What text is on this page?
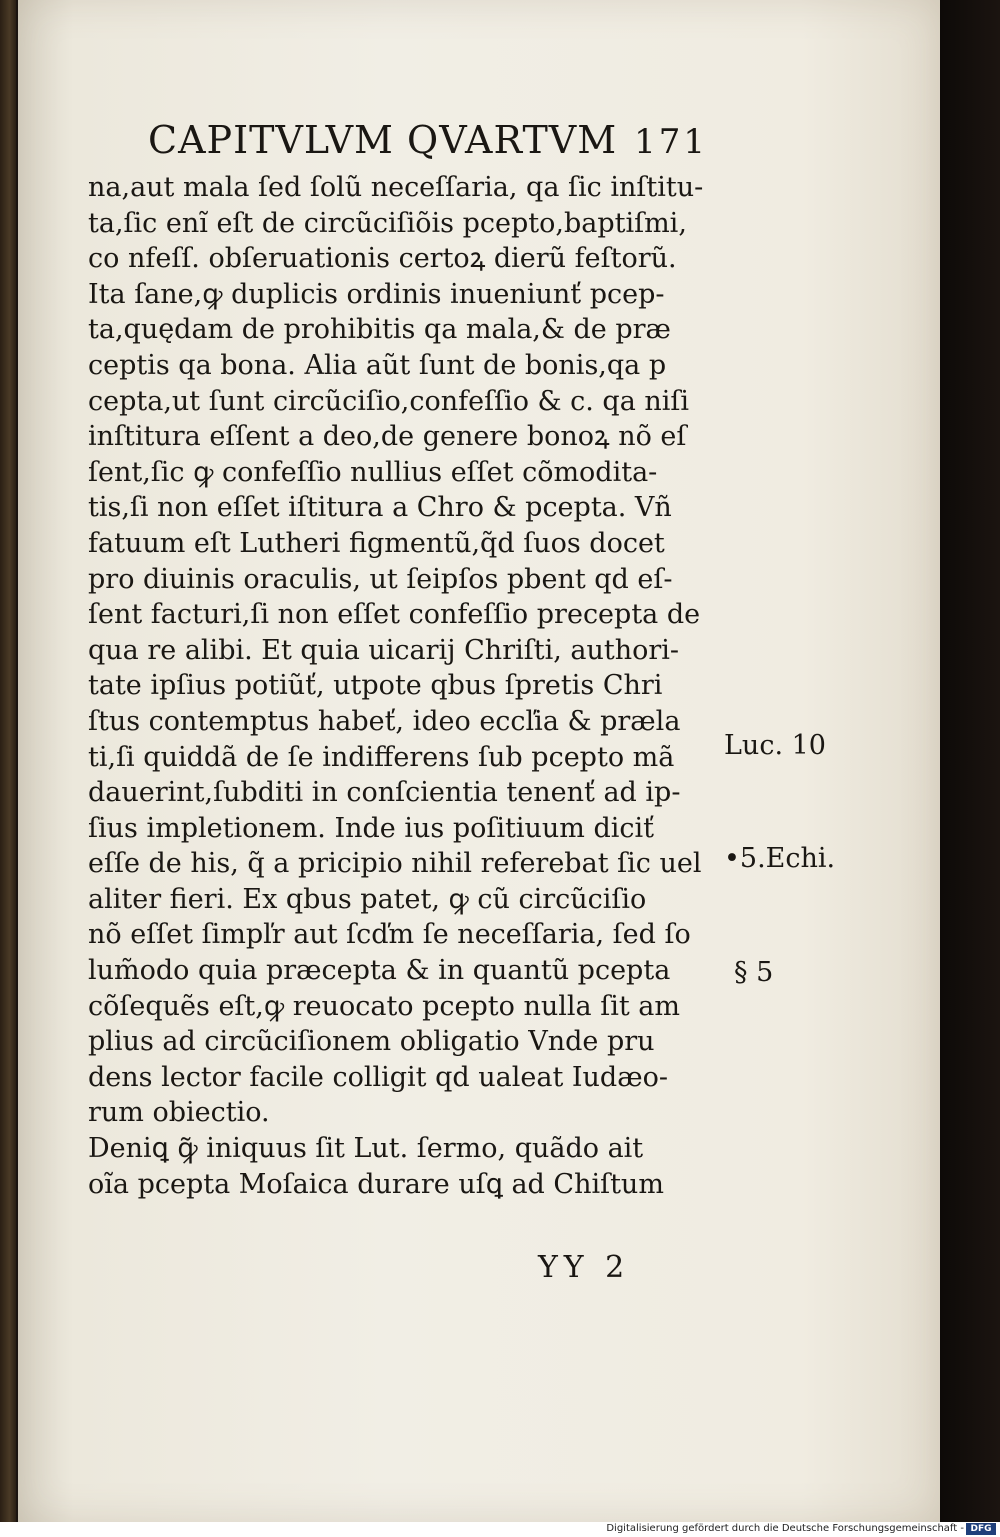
CAPITVLVM QVARTVM 171
na,aut mala ſed ſolũ neceſſaria, qa ſic inſtitu-
ta,ſic enĩ eſt de circũciſiõis pcepto,baptiſmi,
co nfeſſ. obſeruationis certoꝝ dierũ feſtorũ.
Ita ſane,ꝙ duplicis ordinis inueniunť pcep-
ta,quędam de prohibitis qa mala,& de præ
ceptis qa bona. Alia aũt ſunt de bonis,qa p
cepta,ut ſunt circũciſio,confeſſio & c. qa niſi
inſtitura eſſent a deo,de genere bonoꝝ nõ eſ
ſent,ſic ꝙ confeſſio nullius eſſet cõmodita-
tis,ſi non eſſet iſtitura a Chro & pcepta. Vñ
fatuum eſt Lutheri figmentũ,q̃d ſuos docet
pro diuinis oraculis, ut ſeipſos pbent qd eſ-
ſent facturi,ſi non eſſet confeſſio precepta de
qua re alibi. Et quia uicarij Chriſti, authori-
tate ipſius potiũť, utpote qbus ſpretis Chri
ſtus contemptus habeť, ideo eccľia & præla
ti,ſi quiddã de ſe indifferens ſub pcepto mã
dauerint,ſubditi in conſcientia tenenť ad ip-
ſius impletionem. Inde ius poſitiuum diciť
eſſe de his, q̃ a pricipio nihil referebat ſic uel
aliter fieri. Ex qbus patet, ꝙ cũ circũciſio
nõ eſſet ſimpľr aut ſcďm ſe neceſſaria, ſed ſo
lum̃odo quia præcepta & in quantũ pcepta
cõſequẽs eſt,ꝙ reuocato pcepto nulla ſit am
plius ad circũciſionem obligatio Vnde pru
dens lector facile colligit qd ualeat Iudæo-
rum obiectio.
Deniꝗ ꝙ̃ iniquus ſit Lut. ſermo, quãdo ait
oĩa pcepta Moſaica durare uſꝗ ad Chiſtum
Luc. 10
•5.Echi.
§ 5
YY 2
Digitalisierung gefördert durch die Deutsche Forschungsgemeinschaft - DFG
